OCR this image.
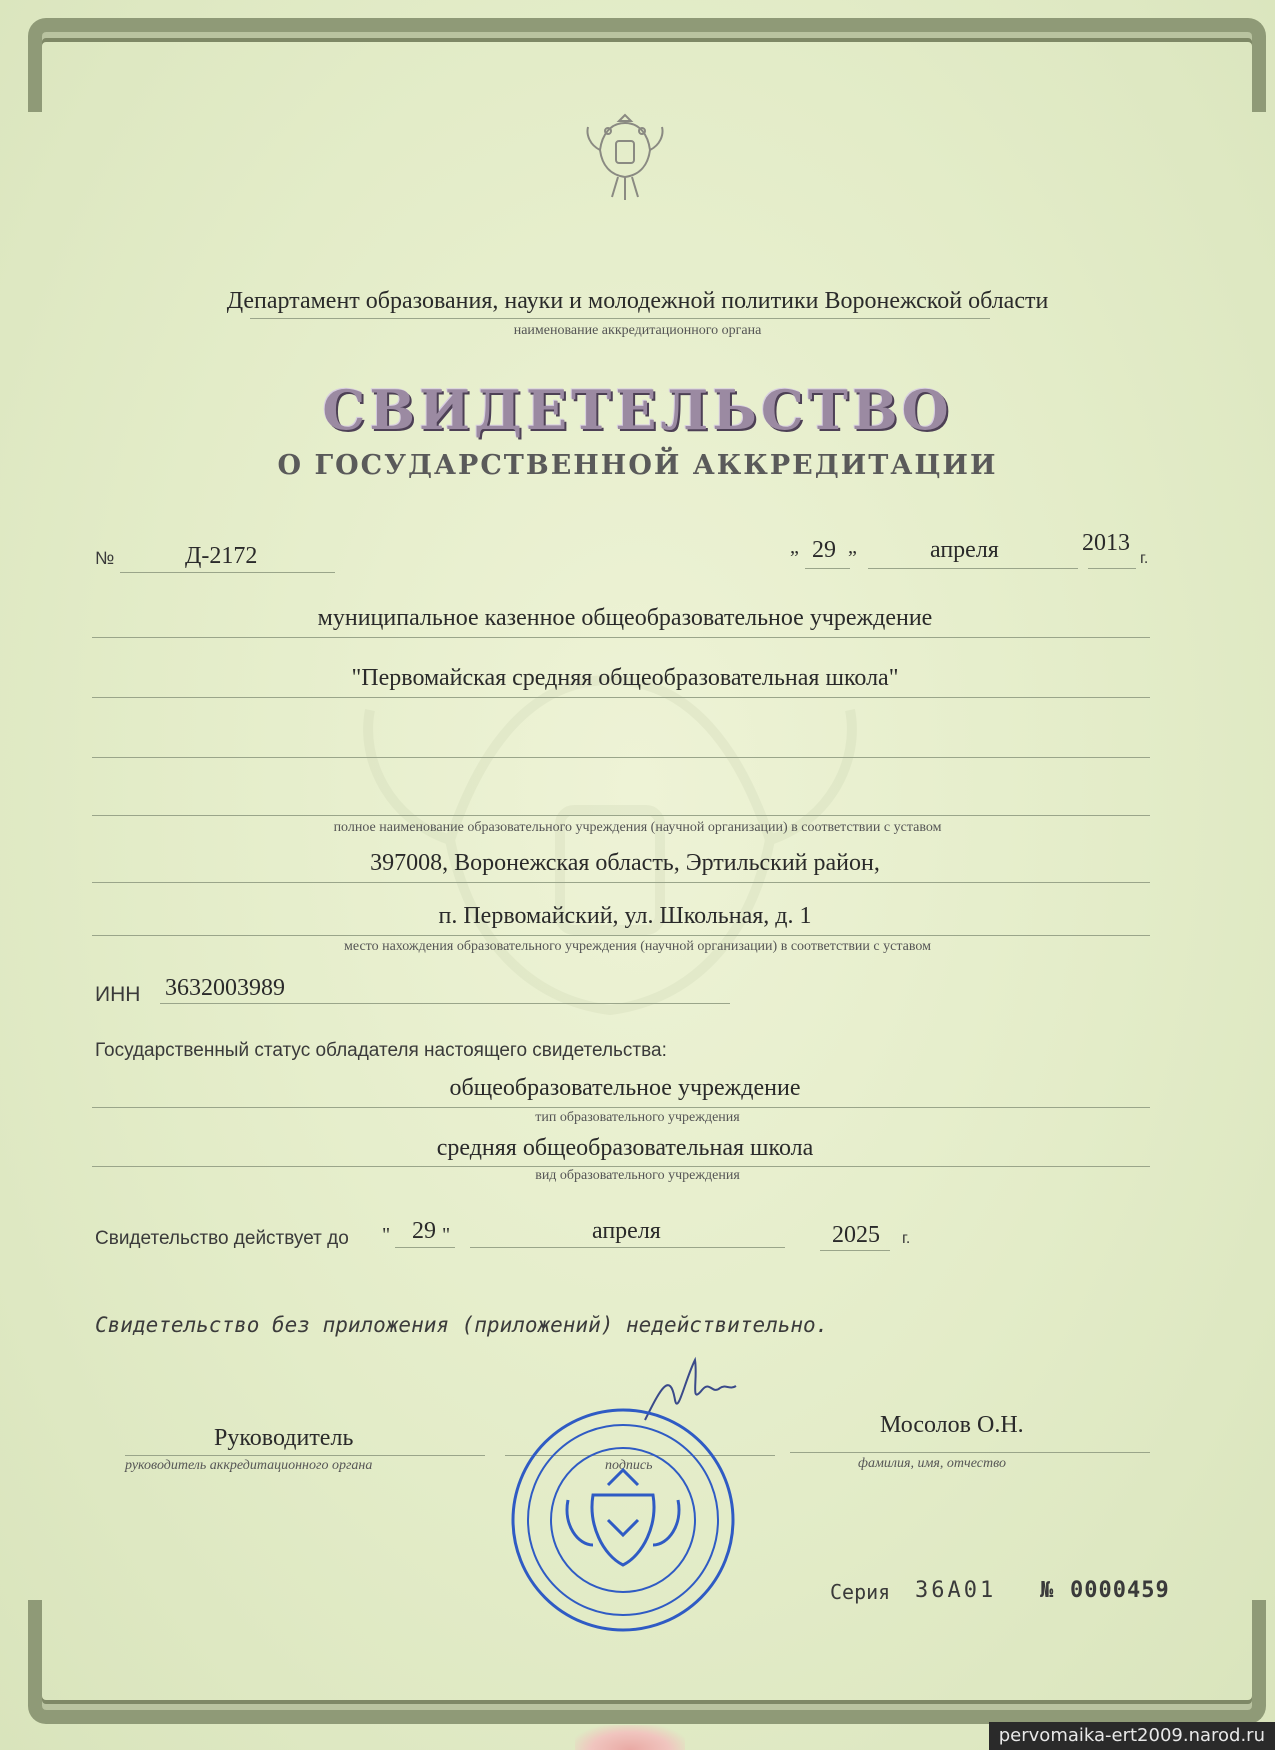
Департамент образования, науки и молодежной политики Воронежской области
наименование аккредитационного органа
СВИДЕТЕЛЬСТВО
О ГОСУДАРСТВЕННОЙ АККРЕДИТАЦИИ
№	Д-2172	„ 29 „	апреля	2013
г.
муниципальное казенное общеобразовательное учреждение
"Первомайская средняя общеобразовательная школа"
полное наименование образовательного учреждения (научной организации) в соответствии с уставом
397008, Воронежская область, Эртильский район,
п. Первомайский, ул. Школьная, д. 1
место нахождения образовательного учреждения (научной организации) в соответствии с уставом
ИНН 3632003989
Государственный статус обладателя настоящего свидетельства:
общеобразовательное учреждение
тип образовательного учреждения
средняя общеобразовательная школа
вид образовательного учреждения
Свидетельство действует до " 29 "	апреля	2025 г.
Свидетельство без приложения (приложений) недействительно.
Руководитель
руководитель аккредитационного органа	подпись
Мосолов О.Н.
фамилия, имя, отчество
Серия 36А01 № 0000459
pervomaika-ert2009.narod.ru
